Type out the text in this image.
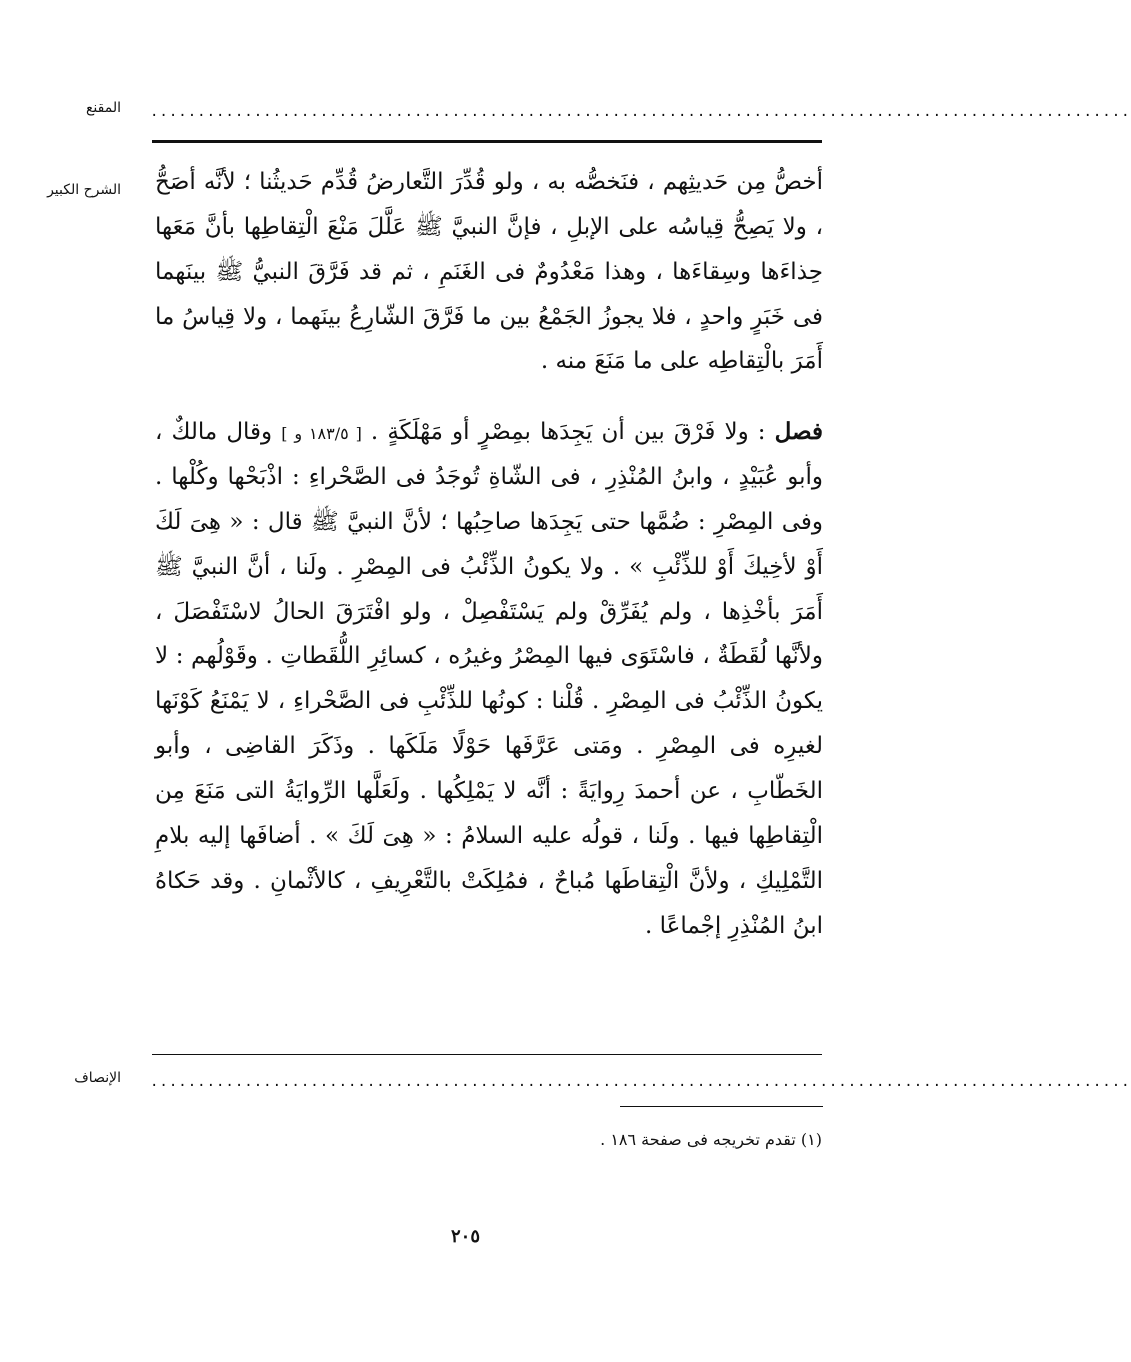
المقنع ........................................................................................................
الشرح الكبير أخصُّ مِن حَديثِهم ، فنَخصُّه به ، ولو قُدِّرَ التَّعارضُ قُدِّم حَديثُنا ؛ لأنَّه أصَحُّ ، ولا يَصِحُّ قِياسُه على الإبلِ ، فإنَّ النبيَّ ﷺ عَلَّلَ مَنْعَ الْتِقاطِها بأنَّ مَعَها حِذاءَها وسِقاءَها ، وهذا مَعْدُومٌ فى الغَنَمِ ، ثم قد فَرَّقَ النبيُّ ﷺ بينَهما فى خَبَرٍ واحدٍ ، فلا يجوزُ الجَمْعُ بين ما فَرَّقَ الشّارِعُ بينَهما ، ولا قِياسُ ما أَمَرَ بالْتِقاطِه على ما مَنَعَ منه .

فصل : ولا فَرْقَ بين أن يَجِدَها بمِصْرٍ أو مَهْلَكَةٍ . [ ١٨٣/٥ و ] وقال مالكٌ ، وأبو عُبَيْدٍ ، وابنُ المُنْذِرِ ، فى الشّاةِ تُوجَدُ فى الصَّحْراءِ : اذْبَحْها وكُلْها . وفى المِصْرِ : ضُمَّها حتى يَجِدَها صاحِبُها ؛ لأنَّ النبيَّ ﷺ قال : « هِىَ لَكَ أَوْ لأخِيكَ أَوْ للذِّئْبِ » . ولا يكونُ الذِّئْبُ فى المِصْرِ . ولَنا ، أنَّ النبيَّ ﷺ أَمَرَ بأخْذِها ، ولم يُفَرِّقْ ولم يَسْتَفْصِلْ ، ولو افْتَرَقَ الحالُ لاسْتَفْصَلَ ، ولأنَّها لُقَطَةٌ ، فاسْتَوَى فيها المِصْرُ وغيرُه ، كسائِرِ اللُّقَطاتِ . وقَوْلُهم : لا يكونُ الذِّئْبُ فى المِصْرِ . قُلْنا : كونُها للذِّئْبِ فى الصَّحْراءِ ، لا يَمْنَعُ كَوْنَها لغيرِه فى المِصْرِ . ومَتى عَرَّفَها حَوْلًا مَلَكَها . وذَكَرَ القاضِى ، وأبو الخَطّابِ ، عن أحمدَ رِوايَةً : أنَّه لا يَمْلِكُها . ولَعَلَّها الرِّوايَةُ التى مَنَعَ مِن الْتِقاطِها فيها . ولَنا ، قولُه عليه السلامُ : « هِىَ لَكَ » . أضافَها إليه بلامِ التَّمْلِيكِ ، ولأنَّ الْتِقاطَها مُباحٌ ، فمُلِكَتْ بالتَّعْرِيفِ ، كالأثْمانِ . وقد حَكاهُ ابنُ المُنْذِرِ إجْماعًا .

الإنصاف ........................................................................................................
(١) تقدم تخريجه فى صفحة ١٨٦ .
٢٠٥
